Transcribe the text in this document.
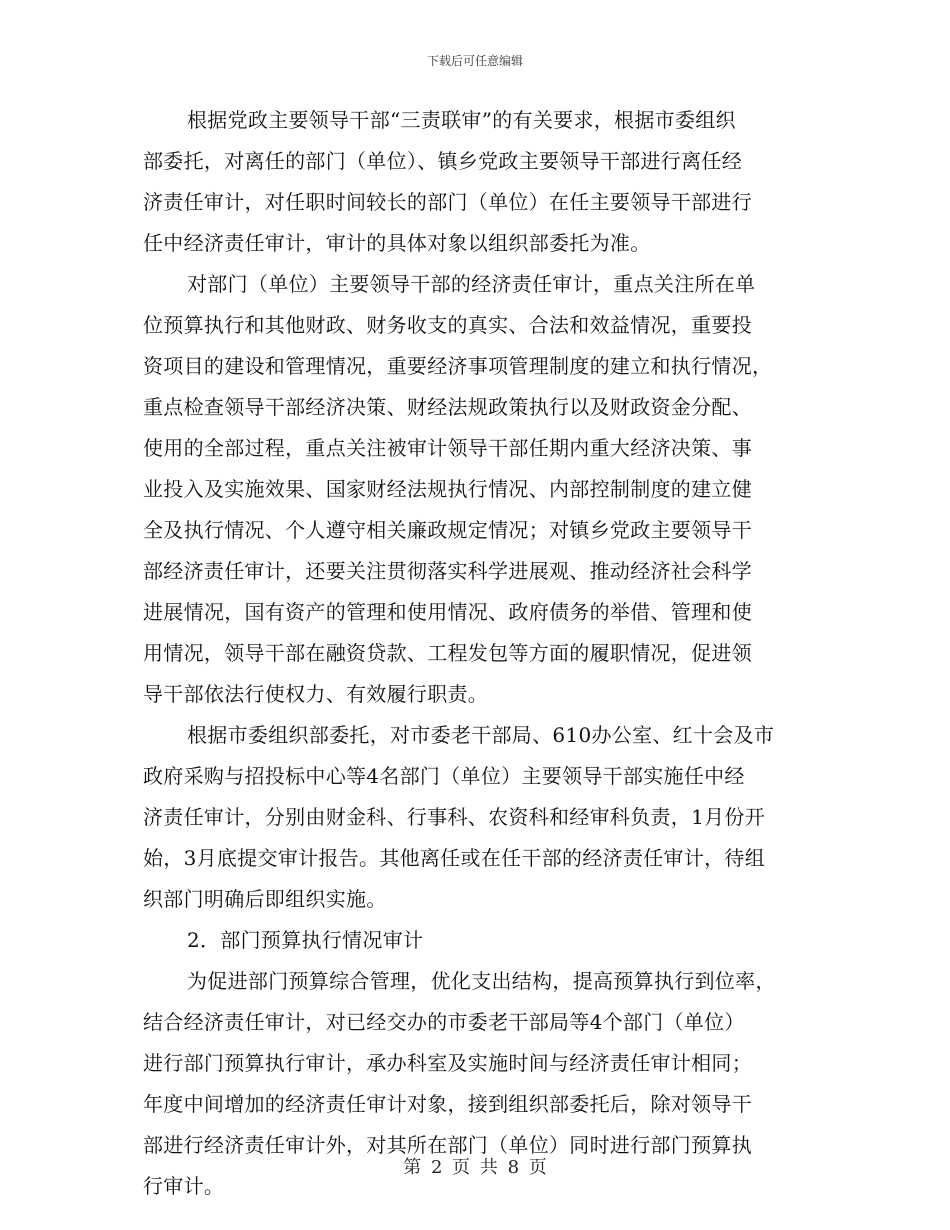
下载后可任意编辑
根据党政主要领导干部“三责联审”的有关要求，根据市委组织
部委托，对离任的部门（单位）、镇乡党政主要领导干部进行离任经
济责任审计，对任职时间较长的部门（单位）在任主要领导干部进行
任中经济责任审计，审计的具体对象以组织部委托为准。
对部门（单位）主要领导干部的经济责任审计，重点关注所在单
位预算执行和其他财政、财务收支的真实、合法和效益情况，重要投
资项目的建设和管理情况，重要经济事项管理制度的建立和执行情况，
重点检查领导干部经济决策、财经法规政策执行以及财政资金分配、
使用的全部过程，重点关注被审计领导干部任期内重大经济决策、事
业投入及实施效果、国家财经法规执行情况、内部控制制度的建立健
全及执行情况、个人遵守相关廉政规定情况；对镇乡党政主要领导干
部经济责任审计，还要关注贯彻落实科学进展观、推动经济社会科学
进展情况，国有资产的管理和使用情况、政府债务的举借、管理和使
用情况，领导干部在融资贷款、工程发包等方面的履职情况，促进领
导干部依法行使权力、有效履行职责。
根据市委组织部委托，对市委老干部局、610办公室、红十会及市
政府采购与招投标中心等4名部门（单位）主要领导干部实施任中经
济责任审计，分别由财金科、行事科、农资科和经审科负责，1月份开
始，3月底提交审计报告。其他离任或在任干部的经济责任审计，待组
织部门明确后即组织实施。
2．部门预算执行情况审计
为促进部门预算综合管理，优化支出结构，提高预算执行到位率，
结合经济责任审计，对已经交办的市委老干部局等4个部门（单位）
进行部门预算执行审计，承办科室及实施时间与经济责任审计相同；
年度中间增加的经济责任审计对象，接到组织部委托后，除对领导干
部进行经济责任审计外，对其所在部门（单位）同时进行部门预算执
行审计。
第 2 页 共 8 页
